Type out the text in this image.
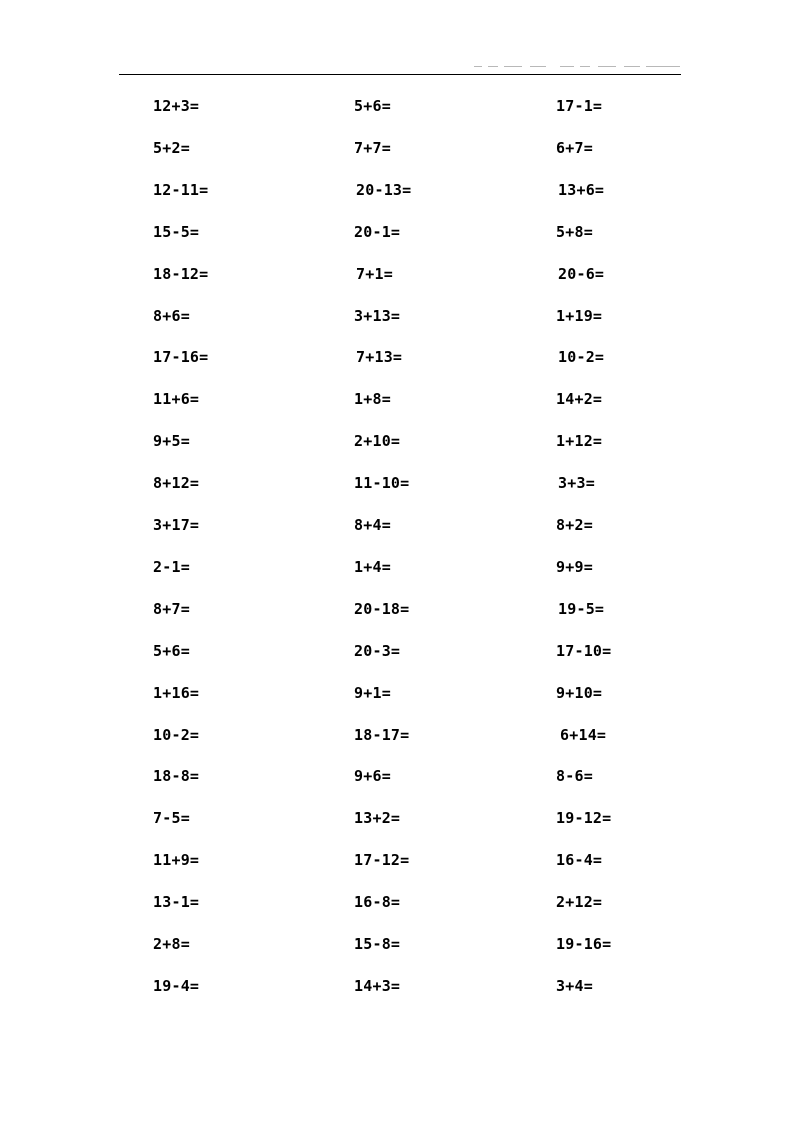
12+3=
5+2=
12-11=
15-5=
18-12=
8+6=
17-16=
11+6=
9+5=
8+12=
3+17=
2-1=
8+7=
5+6=
1+16=
10-2=
18-8=
7-5=
11+9=
13-1=
2+8=
19-4=
5+6=
7+7=
20-13=
20-1=
7+1=
3+13=
7+13=
1+8=
2+10=
11-10=
8+4=
1+4=
20-18=
20-3=
9+1=
18-17=
9+6=
13+2=
17-12=
16-8=
15-8=
14+3=
17-1=
6+7=
13+6=
5+8=
20-6=
1+19=
10-2=
14+2=
1+12=
3+3=
8+2=
9+9=
19-5=
17-10=
9+10=
6+14=
8-6=
19-12=
16-4=
2+12=
19-16=
3+4=
